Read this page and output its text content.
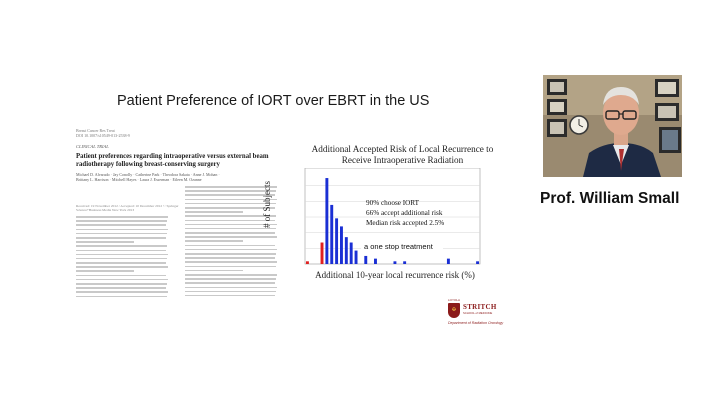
Patient Preference of IORT over EBRT in the US
Breast Cancer Res Treat
DOI 10.1007/s10549-013-2538-9
CLINICAL TRIAL
Patient preferences regarding intraoperative versus external beam radiotherapy following breast-conserving surgery
Michael D. Alvarado · Jay Conolly · Catherine Park · Theodora Sakata · Anne J. Mohan · Brittany L. Harrison · Mitchell Hayes · Laura J. Esserman · Eileen M. Ozanne
Received: 19 November 2012 / Accepted: 10 December 2012 © Springer Science+Business Media New York 2013
Additional Accepted Risk of Local Recurrence to Receive Intraoperative Radiation
# of Subjects	90% choose IORT
66% accept additional risk
Median risk accepted 2.5%
a one stop treatment
Additional 10-year local recurrence risk (%)
LOYOLA
✠ STRITCH
SCHOOL of MEDICINE
Department of Radiation Oncology
Prof. William Small
